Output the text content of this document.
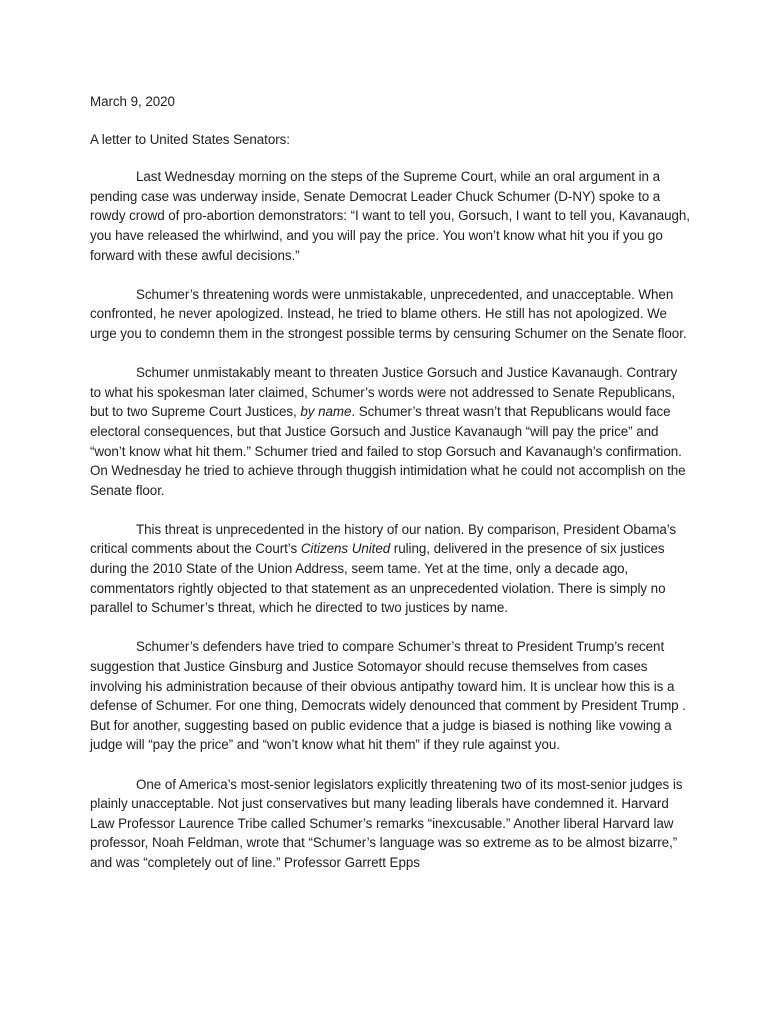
March 9, 2020

A letter to United States Senators:

Last Wednesday morning on the steps of the Supreme Court, while an oral argument in a pending case was underway inside, Senate Democrat Leader Chuck Schumer (D-NY) spoke to a rowdy crowd of pro-abortion demonstrators: “I want to tell you, Gorsuch, I want to tell you, Kavanaugh, you have released the whirlwind, and you will pay the price. You won’t know what hit you if you go forward with these awful decisions.”

Schumer’s threatening words were unmistakable, unprecedented, and unacceptable. When confronted, he never apologized. Instead, he tried to blame others. He still has not apologized. We urge you to condemn them in the strongest possible terms by censuring Schumer on the Senate floor.

Schumer unmistakably meant to threaten Justice Gorsuch and Justice Kavanaugh. Contrary to what his spokesman later claimed, Schumer’s words were not addressed to Senate Republicans, but to two Supreme Court Justices, by name. Schumer’s threat wasn’t that Republicans would face electoral consequences, but that Justice Gorsuch and Justice Kavanaugh “will pay the price” and “won’t know what hit them.” Schumer tried and failed to stop Gorsuch and Kavanaugh’s confirmation. On Wednesday he tried to achieve through thuggish intimidation what he could not accomplish on the Senate floor.

This threat is unprecedented in the history of our nation. By comparison, President Obama’s critical comments about the Court’s Citizens United ruling, delivered in the presence of six justices during the 2010 State of the Union Address, seem tame. Yet at the time, only a decade ago, commentators rightly objected to that statement as an unprecedented violation. There is simply no parallel to Schumer’s threat, which he directed to two justices by name.

Schumer’s defenders have tried to compare Schumer’s threat to President Trump’s recent suggestion that Justice Ginsburg and Justice Sotomayor should recuse themselves from cases involving his administration because of their obvious antipathy toward him. It is unclear how this is a defense of Schumer. For one thing, Democrats widely denounced that comment by President Trump . But for another, suggesting based on public evidence that a judge is biased is nothing like vowing a judge will “pay the price” and “won’t know what hit them” if they rule against you.

One of America’s most-senior legislators explicitly threatening two of its most-senior judges is plainly unacceptable. Not just conservatives but many leading liberals have condemned it. Harvard Law Professor Laurence Tribe called Schumer’s remarks “inexcusable.” Another liberal Harvard law professor, Noah Feldman, wrote that “Schumer’s language was so extreme as to be almost bizarre,” and was “completely out of line.” Professor Garrett Epps
